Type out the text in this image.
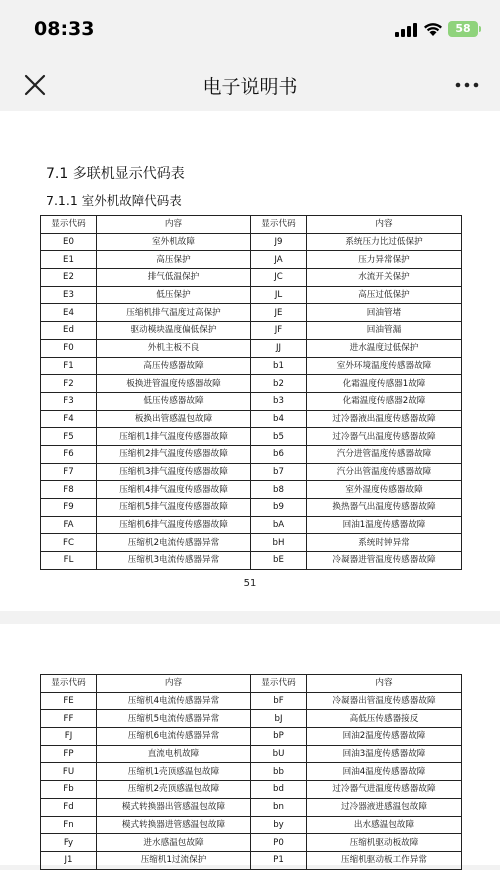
08:33	58
电子说明书
7.1 多联机显示代码表
7.1.1 室外机故障代码表
显示代码	内容	显示代码	内容
E0	室外机故障	J9	系统压力比过低保护
E1	高压保护	JA	压力异常保护
E2	排气低温保护	JC	水流开关保护
E3	低压保护	JL	高压过低保护
E4	压缩机排气温度过高保护	JE	回油管堵
Ed	驱动模块温度偏低保护	JF	回油管漏
F0	外机主板不良	JJ	进水温度过低保护
F1	高压传感器故障	b1	室外环境温度传感器故障
F2	板换进管温度传感器故障	b2	化霜温度传感器1故障
F3	低压传感器故障	b3	化霜温度传感器2故障
F4	板换出管感温包故障	b4	过冷器液出温度传感器故障
F5	压缩机1排气温度传感器故障	b5	过冷器气出温度传感器故障
F6	压缩机2排气温度传感器故障	b6	汽分进管温度传感器故障
F7	压缩机3排气温度传感器故障	b7	汽分出管温度传感器故障
F8	压缩机4排气温度传感器故障	b8	室外湿度传感器故障
F9	压缩机5排气温度传感器故障	b9	换热器气出温度传感器故障
FA	压缩机6排气温度传感器故障	bA	回油1温度传感器故障
FC	压缩机2电流传感器异常	bH	系统时钟异常
FL	压缩机3电流传感器异常	bE	冷凝器进管温度传感器故障
51
显示代码	内容	显示代码	内容
FE	压缩机4电流传感器异常	bF	冷凝器出管温度传感器故障
FF	压缩机5电流传感器异常	bJ	高低压传感器接反
FJ	压缩机6电流传感器异常	bP	回油2温度传感器故障
FP	直流电机故障	bU	回油3温度传感器故障
FU	压缩机1壳顶感温包故障	bb	回油4温度传感器故障
Fb	压缩机2壳顶感温包故障	bd	过冷器气进温度传感器故障
Fd	模式转换器出管感温包故障	bn	过冷器液进感温包故障
Fn	模式转换器进管感温包故障	by	出水感温包故障
Fy	进水感温包故障	P0	压缩机驱动板故障
J1	压缩机1过流保护	P1	压缩机驱动板工作异常
